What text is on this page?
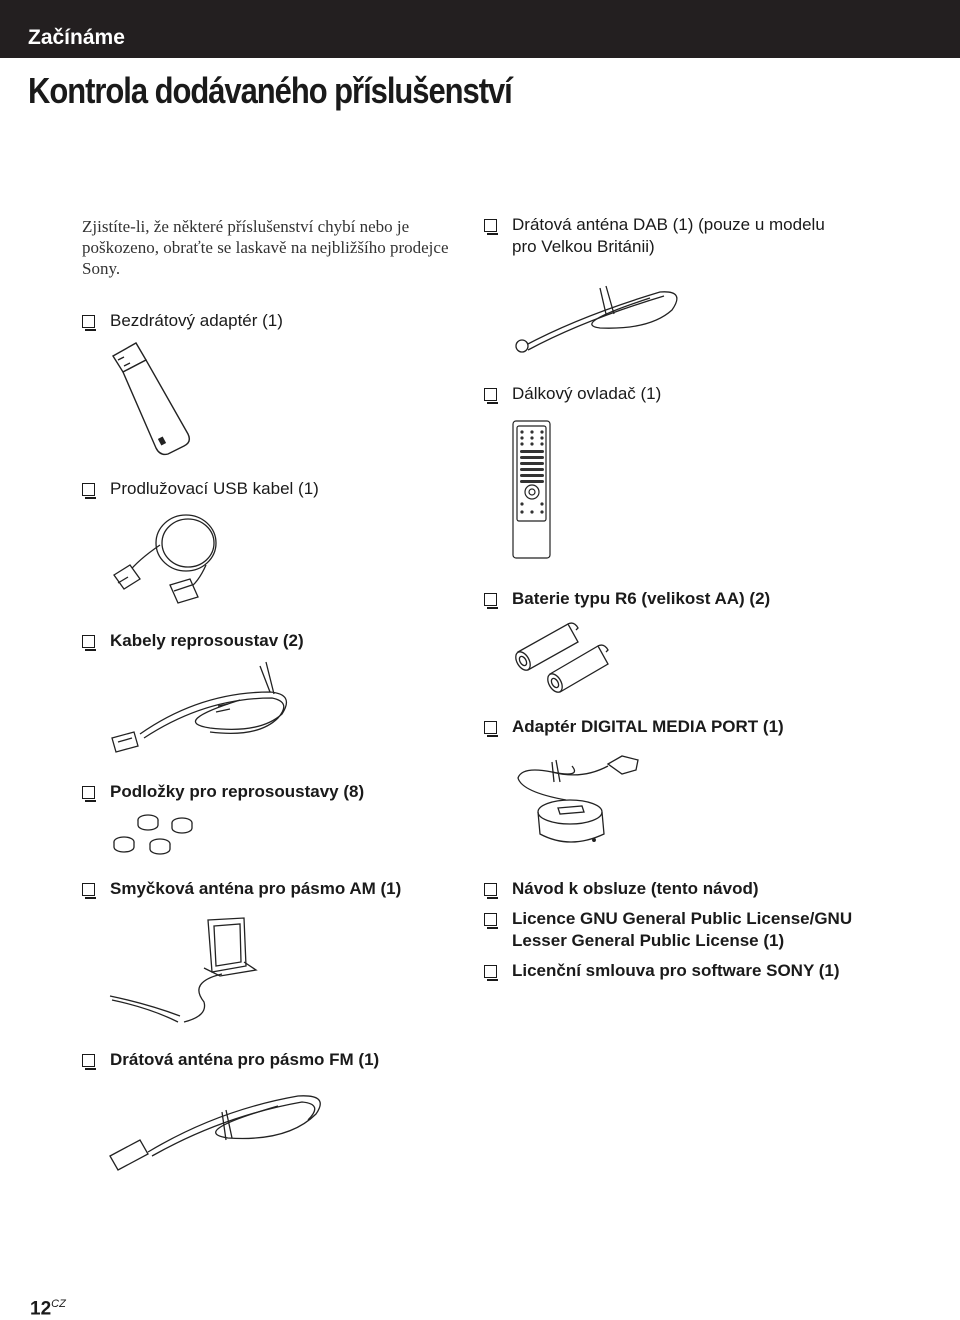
Začínáme
Kontrola dodávaného příslušenství

Zjistíte-li, že některé příslušenství chybí nebo je poškozeno, obraťte se laskavě na nejbližšího prodejce Sony.

Bezdrátový adaptér (1)
Prodlužovací USB kabel (1)
Kabely reprosoustav (2)
Podložky pro reprosoustavy (8)
Smyčková anténa pro pásmo AM (1)
Drátová anténa pro pásmo FM (1)
Drátová anténa DAB (1) (pouze u modelu
pro Velkou Británii)
Dálkový ovladač (1)
Baterie typu R6 (velikost AA) (2)
Adaptér DIGITAL MEDIA PORT (1)
Návod k obsluze (tento návod)
Licence GNU General Public License/GNU
Lesser General Public License (1)
Licenční smlouva pro software SONY (1)
$12^{CZ}$
